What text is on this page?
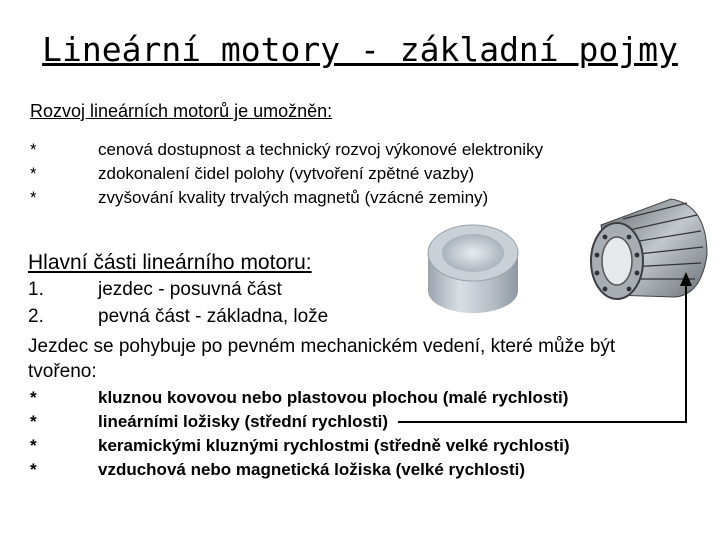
Lineární motory - základní pojmy
Rozvoj lineárních motorů je umožněn:
*	cenová dostupnost a technický rozvoj výkonové elektroniky
*	zdokonalení čidel polohy (vytvoření zpětné vazby)
*	zvyšování kvality trvalých magnetů (vzácné zeminy)
Hlavní části lineárního motoru:
1.	jezdec - posuvná část
2.	pevná část - základna, lože
Jezdec se pohybuje po pevném mechanickém vedení, které může být tvořeno:
*	kluznou kovovou nebo plastovou plochou (malé rychlosti)
*	lineárními ložisky (střední rychlosti)
*	keramickými kluznými rychlostmi (středně velké rychlosti)
*	vzduchová nebo magnetická ložiska (velké rychlosti)
